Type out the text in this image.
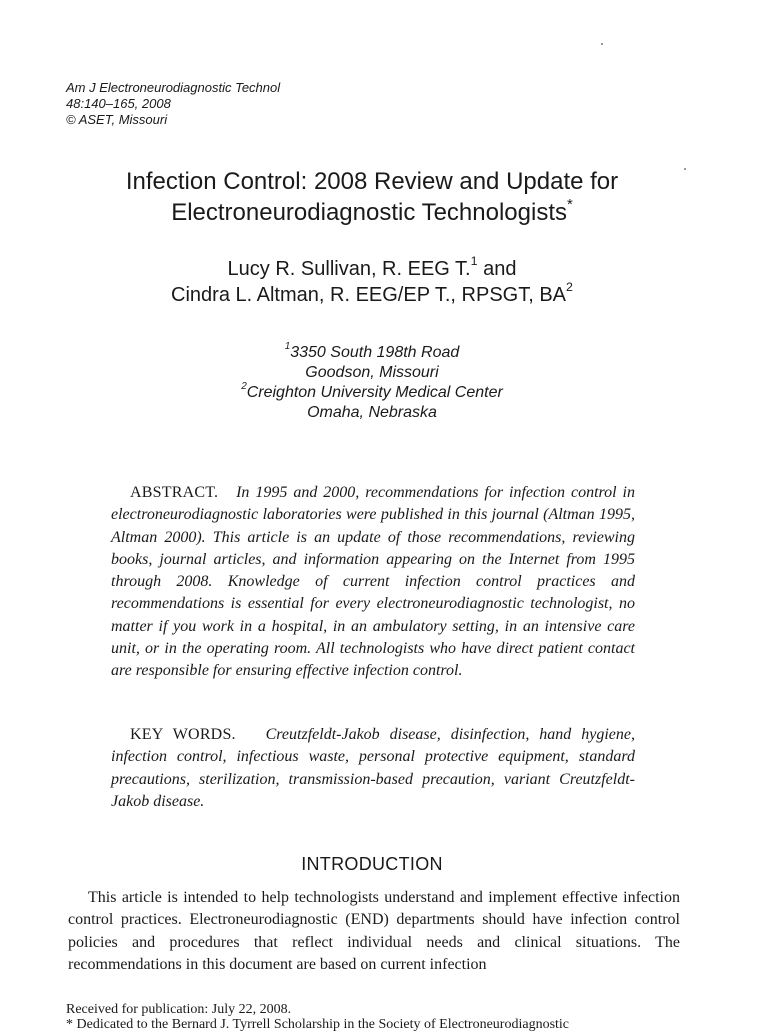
Am J Electroneurodiagnostic Technol
48:140–165, 2008
© ASET, Missouri
Infection Control: 2008 Review and Update for
Electroneurodiagnostic Technologists*
Lucy R. Sullivan, R. EEG T.$^1$ and
Cindra L. Altman, R. EEG/EP T., RPSGT, $BA^2$
$^1$3350 South 198th Road
Goodson, Missouri
$^2$Creighton University Medical Center
Omaha, Nebraska
ABSTRACT. In 1995 and 2000, recommendations for infection control in electroneurodiagnostic laboratories were published in this journal (Altman 1995, Altman 2000). This article is an update of those recommendations, reviewing books, journal articles, and information appearing on the Internet from 1995 through 2008. Knowledge of current infection control practices and recommendations is essential for every electroneurodiagnostic technologist, no matter if you work in a hospital, in an ambulatory setting, in an intensive care unit, or in the operating room. All technologists who have direct patient contact are responsible for ensuring effective infection control.
KEY WORDS. Creutzfeldt-Jakob disease, disinfection, hand hygiene, infection control, infectious waste, personal protective equipment, standard precautions, sterilization, transmission-based precaution, variant Creutzfeldt-Jakob disease.
INTRODUCTION
This article is intended to help technologists understand and implement effective infection control practices. Electroneurodiagnostic (END) departments should have infection control policies and procedures that reflect individual needs and clinical situations. The recommendations in this document are based on current infection
Received for publication: July 22, 2008.
* Dedicated to the Bernard J. Tyrrell Scholarship in the Society of Electroneurodiagnostic
